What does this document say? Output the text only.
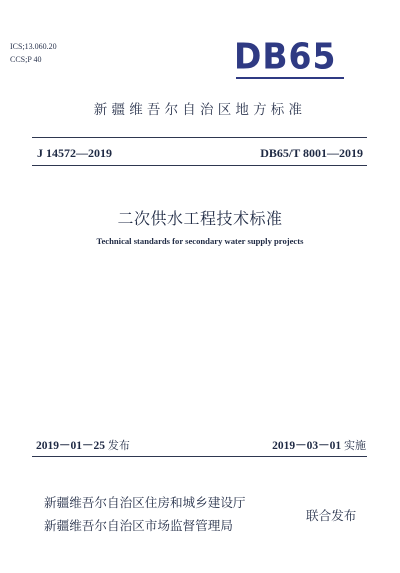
ICS;13.060.20
CCS;P 40	DB65
新疆维吾尔自治区地方标准
J 14572—2019	DB65/T 8001—2019
二次供水工程技术标准
Technical standards for secondary water supply projects
2019－01－25 发布	2019－03－01 实施
新疆维吾尔自治区住房和城乡建设厅
新疆维吾尔自治区市场监督管理局
联合发布
